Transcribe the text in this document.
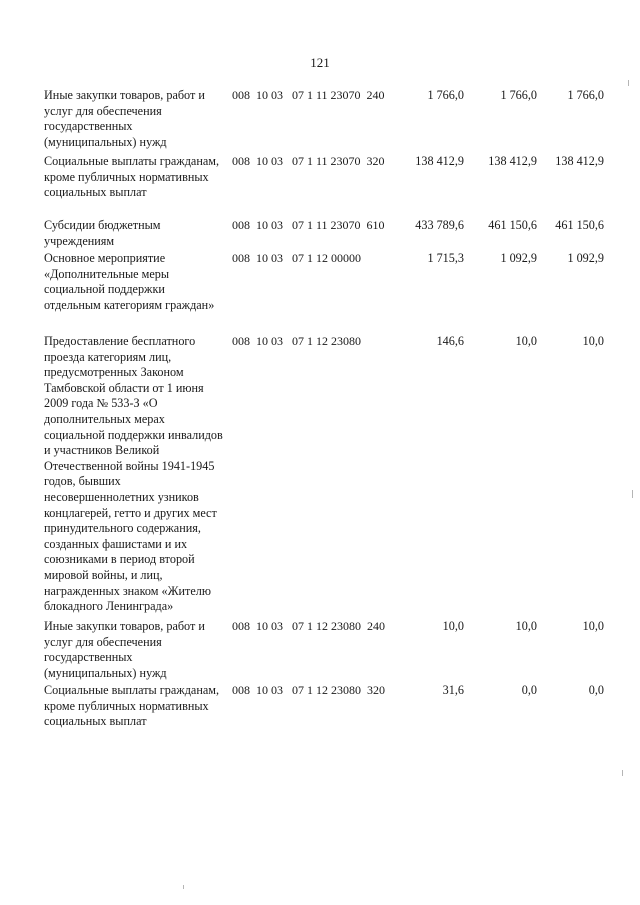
121
Иные закупки товаров, работ и услуг для обеспечения государственных (муниципальных) нужд
008  10 03   07 1 11 23070  240	1 766,0	1 766,0	1 766,0
Социальные выплаты гражданам, кроме публичных нормативных социальных выплат
008  10 03   07 1 11 23070  320	138 412,9	138 412,9	138 412,9
Субсидии бюджетным учреждениям
008  10 03   07 1 11 23070  610	433 789,6	461 150,6	461 150,6
Основное мероприятие «Дополнительные меры социальной поддержки отдельным категориям граждан»
008  10 03   07 1 12 00000	1 715,3	1 092,9	1 092,9
Предоставление бесплатного проезда категориям лиц, предусмотренных Законом Тамбовской области от 1 июня 2009 года № 533-З «О дополнительных мерах социальной поддержки инвалидов и участников Великой Отечественной войны 1941-1945 годов, бывших несовершеннолетних узников концлагерей, гетто и других мест принудительного содержания, созданных фашистами и их союзниками в период второй мировой войны, и лиц, награжденных знаком «Жителю блокадного Ленинграда»
008  10 03   07 1 12 23080	146,6	10,0	10,0
Иные закупки товаров, работ и услуг для обеспечения государственных (муниципальных) нужд
008  10 03   07 1 12 23080  240	10,0	10,0	10,0
Социальные выплаты гражданам, кроме публичных нормативных социальных выплат
008  10 03   07 1 12 23080  320	31,6	0,0	0,0
